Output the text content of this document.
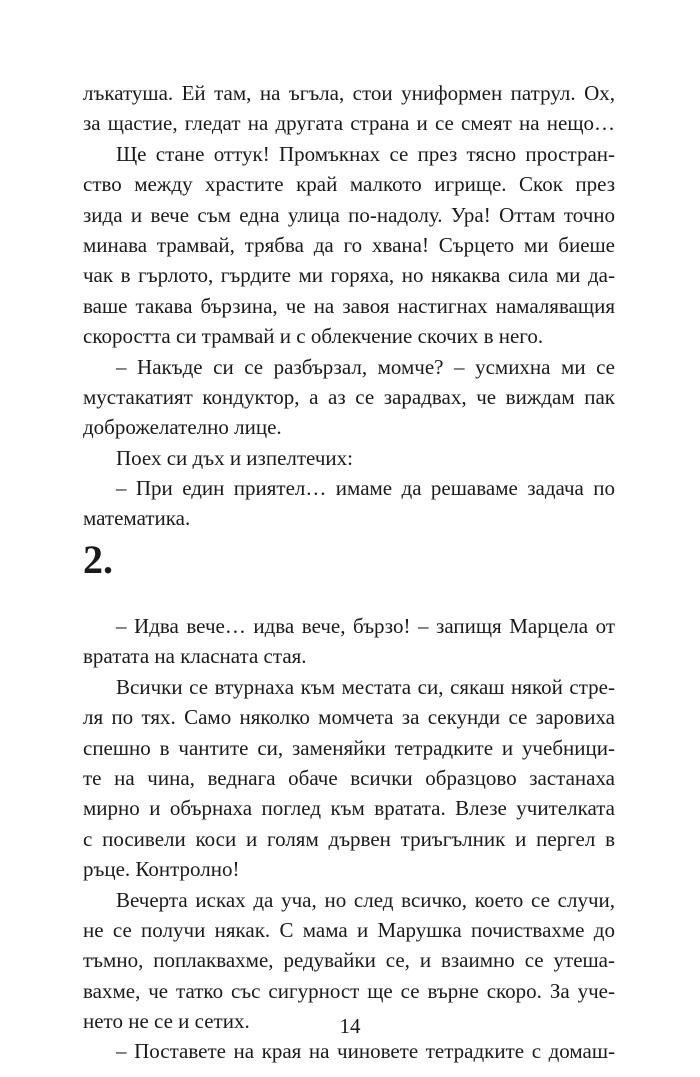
лъкатуша. Ей там, на ъгъла, стои униформен патрул. Ох,
за щастие, гледат на другата страна и се смеят на нещо…
Ще стане оттук! Промъкнах се през тясно простран-
ство между храстите край малкото игрище. Скок през
зида и вече съм една улица по-надолу. Ура! Оттам точно
минава трамвай, трябва да го хвана! Сърцето ми биеше
чак в гърлото, гърдите ми горяха, но някаква сила ми да-
ваше такава бързина, че на завоя настигнах намаляващия
скоростта си трамвай и с облекчение скочих в него.
– Накъде си се разбързал, момче? – усмихна ми се
мустакатият кондуктор, а аз се зарадвах, че виждам пак
доброжелателно лице.
Поех си дъх и изпелтечих:
– При един приятел… имаме да решаваме задача по
математика.
2.
– Идва вече… идва вече, бързо! – запищя Марцела от
вратата на класната стая.
Всички се втурнаха към местата си, сякаш някой стре-
ля по тях. Само няколко момчета за секунди се заровиха
спешно в чантите си, заменяйки тетрадките и учебници-
те на чина, веднага обаче всички образцово застанаха
мирно и обърнаха поглед към вратата. Влезе учителката
с посивели коси и голям дървен триъгълник и пергел в
ръце. Контролно!
Вечерта исках да уча, но след всичко, което се случи,
не се получи някак. С мама и Марушка почиствахме до
тъмно, поплаквахме, редувайки се, и взаимно се утеша-
вахме, че татко със сигурност ще се върне скоро. За уче-
нето не се и сетих.
– Поставете на края на чиновете тетрадките с домаш-
14
